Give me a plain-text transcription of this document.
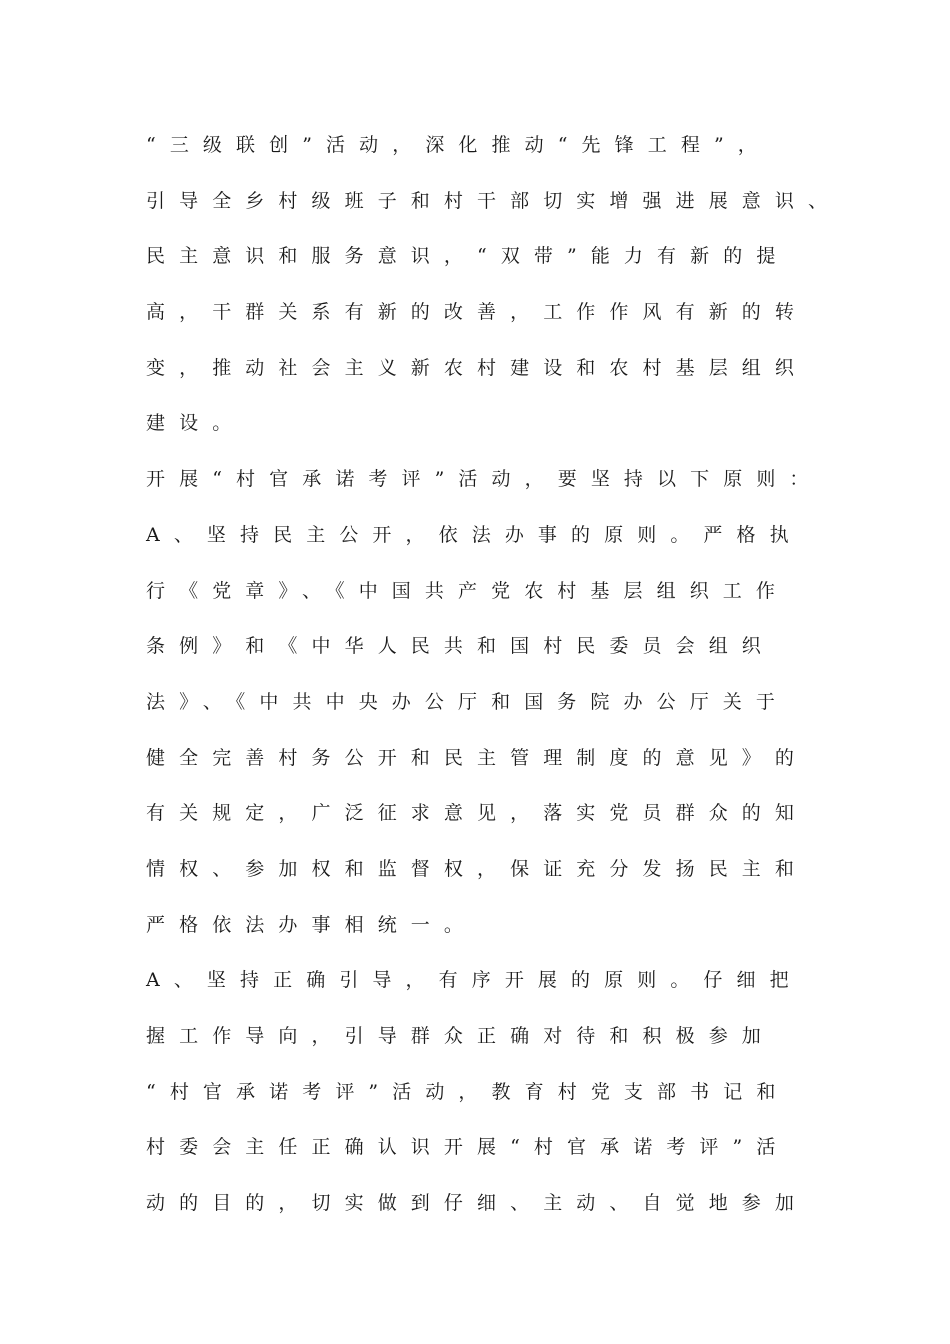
“三级联创”活动，深化推动“先锋工程”，
引导全乡村级班子和村干部切实增强进展意识、
民主意识和服务意识，“双带”能力有新的提
高，干群关系有新的改善，工作作风有新的转
变，推动社会主义新农村建设和农村基层组织
建设。
开展“村官承诺考评”活动，要坚持以下原则：
A、坚持民主公开，依法办事的原则。严格执
行《党章》、《中国共产党农村基层组织工作
条例》和《中华人民共和国村民委员会组织
法》、《中共中央办公厅和国务院办公厅关于
健全完善村务公开和民主管理制度的意见》的
有关规定，广泛征求意见，落实党员群众的知
情权、参加权和监督权，保证充分发扬民主和
严格依法办事相统一。
A、坚持正确引导，有序开展的原则。仔细把
握工作导向，引导群众正确对待和积极参加
“村官承诺考评”活动，教育村党支部书记和
村委会主任正确认识开展“村官承诺考评”活
动的目的，切实做到仔细、主动、自觉地参加
